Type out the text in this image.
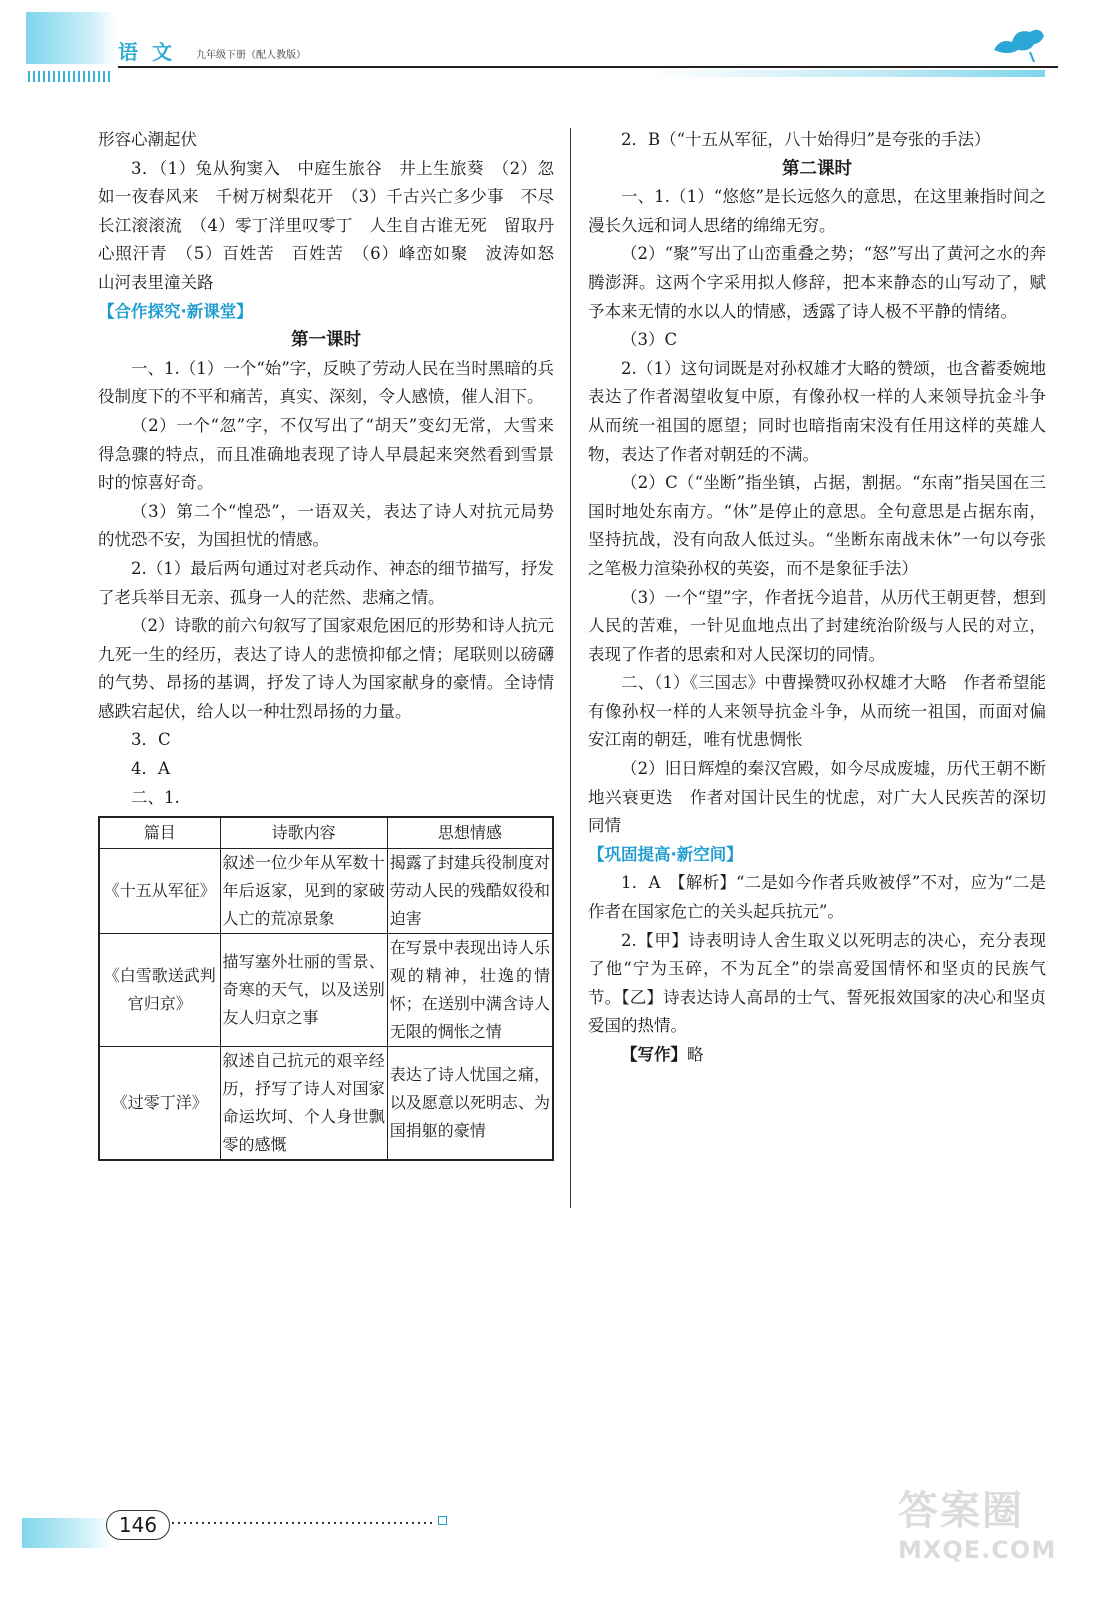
语文 九年级下册（配人教版）

形容心潮起伏

3．（1）兔从狗窦入　中庭生旅谷　井上生旅葵　（2）忽如一夜春风来　千树万树梨花开　（3）千古兴亡多少事　不尽长江滚滚流　（4）零丁洋里叹零丁　人生自古谁无死　留取丹心照汗青　（5）百姓苦　百姓苦　（6）峰峦如聚　波涛如怒　山河表里潼关路

【合作探究·新课堂】

第一课时

一、1.（1）一个“始”字，反映了劳动人民在当时黑暗的兵役制度下的不平和痛苦，真实、深刻，令人感愤，催人泪下。

（2）一个“忽”字，不仅写出了“胡天”变幻无常，大雪来得急骤的特点，而且准确地表现了诗人早晨起来突然看到雪景时的惊喜好奇。

（3）第二个“惶恐”，一语双关，表达了诗人对抗元局势的忧恐不安，为国担忧的情感。

2.（1）最后两句通过对老兵动作、神态的细节描写，抒发了老兵举目无亲、孤身一人的茫然、悲痛之情。

（2）诗歌的前六句叙写了国家艰危困厄的形势和诗人抗元九死一生的经历，表达了诗人的悲愤抑郁之情；尾联则以磅礴的气势、昂扬的基调，抒发了诗人为国家献身的豪情。全诗情感跌宕起伏，给人以一种壮烈昂扬的力量。

3．C

4．A

二、1.

篇目	诗歌内容	思想情感
《十五从军征》	叙述一位少年从军数十年后返家，见到的家破人亡的荒凉景象	揭露了封建兵役制度对劳动人民的残酷奴役和迫害
《白雪歌送武判官归京》	描写塞外壮丽的雪景、奇寒的天气，以及送别友人归京之事	在写景中表现出诗人乐观的精神，壮逸的情怀；在送别中满含诗人无限的惆怅之情
《过零丁洋》	叙述自己抗元的艰辛经历，抒写了诗人对国家命运坎坷、个人身世飘零的感慨	表达了诗人忧国之痛，以及愿意以死明志、为国捐躯的豪情

2．B（“十五从军征，八十始得归”是夸张的手法）

第二课时

一、1.（1）“悠悠”是长远悠久的意思，在这里兼指时间之漫长久远和词人思绪的绵绵无穷。

（2）“聚”写出了山峦重叠之势；“怒”写出了黄河之水的奔腾澎湃。这两个字采用拟人修辞，把本来静态的山写动了，赋予本来无情的水以人的情感，透露了诗人极不平静的情绪。

（3）C

2.（1）这句词既是对孙权雄才大略的赞颂，也含蓄委婉地表达了作者渴望收复中原，有像孙权一样的人来领导抗金斗争从而统一祖国的愿望；同时也暗指南宋没有任用这样的英雄人物，表达了作者对朝廷的不满。

（2）C（“坐断”指坐镇，占据，割据。“东南”指吴国在三国时地处东南方。“休”是停止的意思。全句意思是占据东南，坚持抗战，没有向敌人低过头。“坐断东南战未休”一句以夸张之笔极力渲染孙权的英姿，而不是象征手法）

（3）一个“望”字，作者抚今追昔，从历代王朝更替，想到人民的苦难，一针见血地点出了封建统治阶级与人民的对立，表现了作者的思索和对人民深切的同情。

二、（1）《三国志》中曹操赞叹孙权雄才大略　作者希望能有像孙权一样的人来领导抗金斗争，从而统一祖国，而面对偏安江南的朝廷，唯有忧患惆怅

（2）旧日辉煌的秦汉宫殿，如今尽成废墟，历代王朝不断地兴衰更迭　作者对国计民生的忧虑，对广大人民疾苦的深切同情

【巩固提高·新空间】

1．A　【解析】“二是如今作者兵败被俘”不对，应为“二是作者在国家危亡的关头起兵抗元”。

2.【甲】诗表明诗人舍生取义以死明志的决心，充分表现了他“宁为玉碎，不为瓦全”的崇高爱国情怀和坚贞的民族气节。【乙】诗表达诗人高昂的士气、誓死报效国家的决心和坚贞爱国的热情。

【写作】略

146	答案圈
MXQE.COM
